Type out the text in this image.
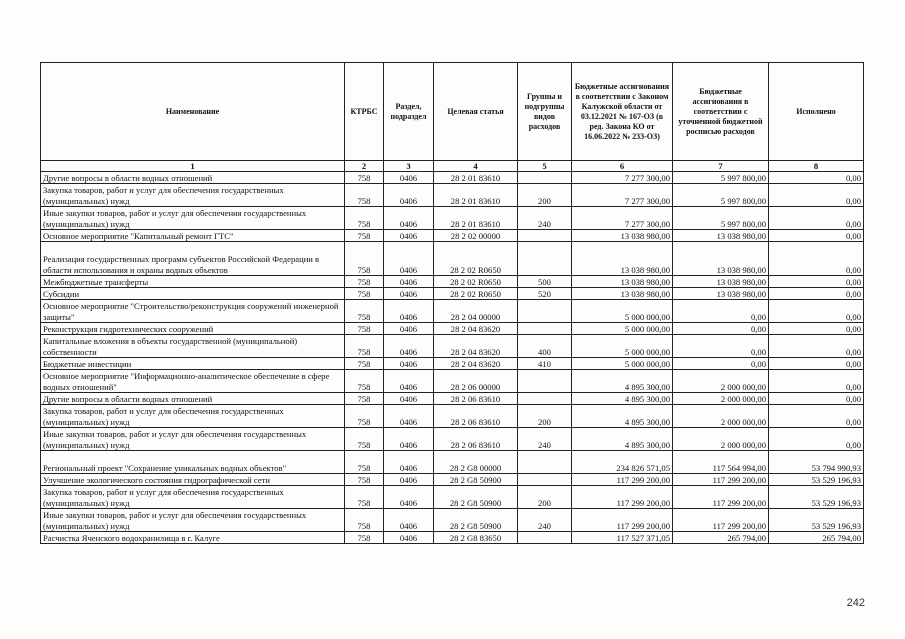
Наименование	КТРБС	Раздел, подраздел	Целевая статья	Группы и подгруппы видов расходов	Бюджетные ассигнования в соответствии с Законом Калужской области от 03.12.2021 № 167-ОЗ (в ред. Закона КО от 16.06.2022 № 233-ОЗ)	Бюджетные ассигнования в соответствии с уточненной бюджетной росписью расходов	Исполнено
1	2	3	4	5	6	7	8
Другие вопросы в области водных отношений	758	0406	28 2 01 83610		7 277 300,00	5 997 800,00	0,00
Закупка товаров, работ и услуг для обеспечения государственных (муниципальных) нужд	758	0406	28 2 01 83610	200	7 277 300,00	5 997 800,00	0,00
Иные закупки товаров, работ и услуг для обеспечения государственных (муниципальных) нужд	758	0406	28 2 01 83610	240	7 277 300,00	5 997 800,00	0,00
Основное мероприятие "Капитальный ремонт ГТС"	758	0406	28 2 02 00000		13 038 980,00	13 038 980,00	0,00
Реализация государственных программ субъектов Российской Федерации в области использования и охраны водных объектов	758	0406	28 2 02 R0650		13 038 980,00	13 038 980,00	0,00
Межбюджетные трансферты	758	0406	28 2 02 R0650	500	13 038 980,00	13 038 980,00	0,00
Субсидии	758	0406	28 2 02 R0650	520	13 038 980,00	13 038 980,00	0,00
Основное мероприятие "Строительство/реконструкция сооружений инженерной защиты"	758	0406	28 2 04 00000		5 000 000,00	0,00	0,00
Реконструкция гидротехнических сооружений	758	0406	28 2 04 83620		5 000 000,00	0,00	0,00
Капитальные вложения в объекты государственной (муниципальной) собственности	758	0406	28 2 04 83620	400	5 000 000,00	0,00	0,00
Бюджетные инвестиции	758	0406	28 2 04 83620	410	5 000 000,00	0,00	0,00
Основное мероприятие "Информационно-аналитическое обеспечение в сфере водных отношений"	758	0406	28 2 06 00000		4 895 300,00	2 000 000,00	0,00
Другие вопросы в области водных отношений	758	0406	28 2 06 83610		4 895 300,00	2 000 000,00	0,00
Закупка товаров, работ и услуг для обеспечения государственных (муниципальных) нужд	758	0406	28 2 06 83610	200	4 895 300,00	2 000 000,00	0,00
Иные закупки товаров, работ и услуг для обеспечения государственных (муниципальных) нужд	758	0406	28 2 06 83610	240	4 895 300,00	2 000 000,00	0,00
Региональный проект "Сохранение уникальных водных объектов"	758	0406	28 2 G8 00000		234 826 571,05	117 564 994,00	53 794 990,93
Улучшение экологического состояния гидрографической сети	758	0406	28 2 G8 50900		117 299 200,00	117 299 200,00	53 529 196,93
Закупка товаров, работ и услуг для обеспечения государственных (муниципальных) нужд	758	0406	28 2 G8 50900	200	117 299 200,00	117 299 200,00	53 529 196,93
Иные закупки товаров, работ и услуг для обеспечения государственных (муниципальных) нужд	758	0406	28 2 G8 50900	240	117 299 200,00	117 299 200,00	53 529 196,93
Расчистка Яченского водохранилища в г. Калуге	758	0406	28 2 G8 83650		117 527 371,05	265 794,00	265 794,00
242
